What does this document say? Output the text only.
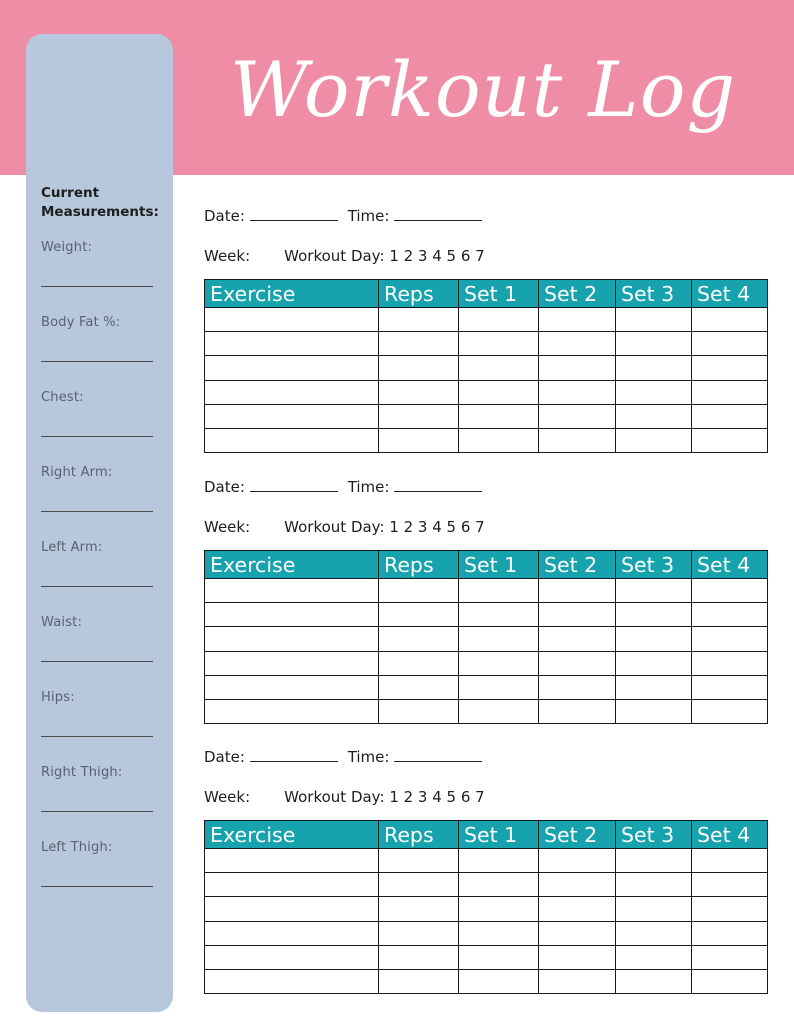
Workout Log
Current
Measurements:
Weight:
Body Fat %:
Chest:
Right Arm:
Left Arm:
Waist:
Hips:
Right Thigh:
Left Thigh:
Date:	Time:
Week: Workout Day: 1 2 3 4 5 6 7
Exercise	Reps	Set 1	Set 2	Set 3	Set 4

Date:	Time:
Week: Workout Day: 1 2 3 4 5 6 7
Exercise	Reps	Set 1	Set 2	Set 3	Set 4

Date:	Time:
Week: Workout Day: 1 2 3 4 5 6 7
Exercise	Reps	Set 1	Set 2	Set 3	Set 4
